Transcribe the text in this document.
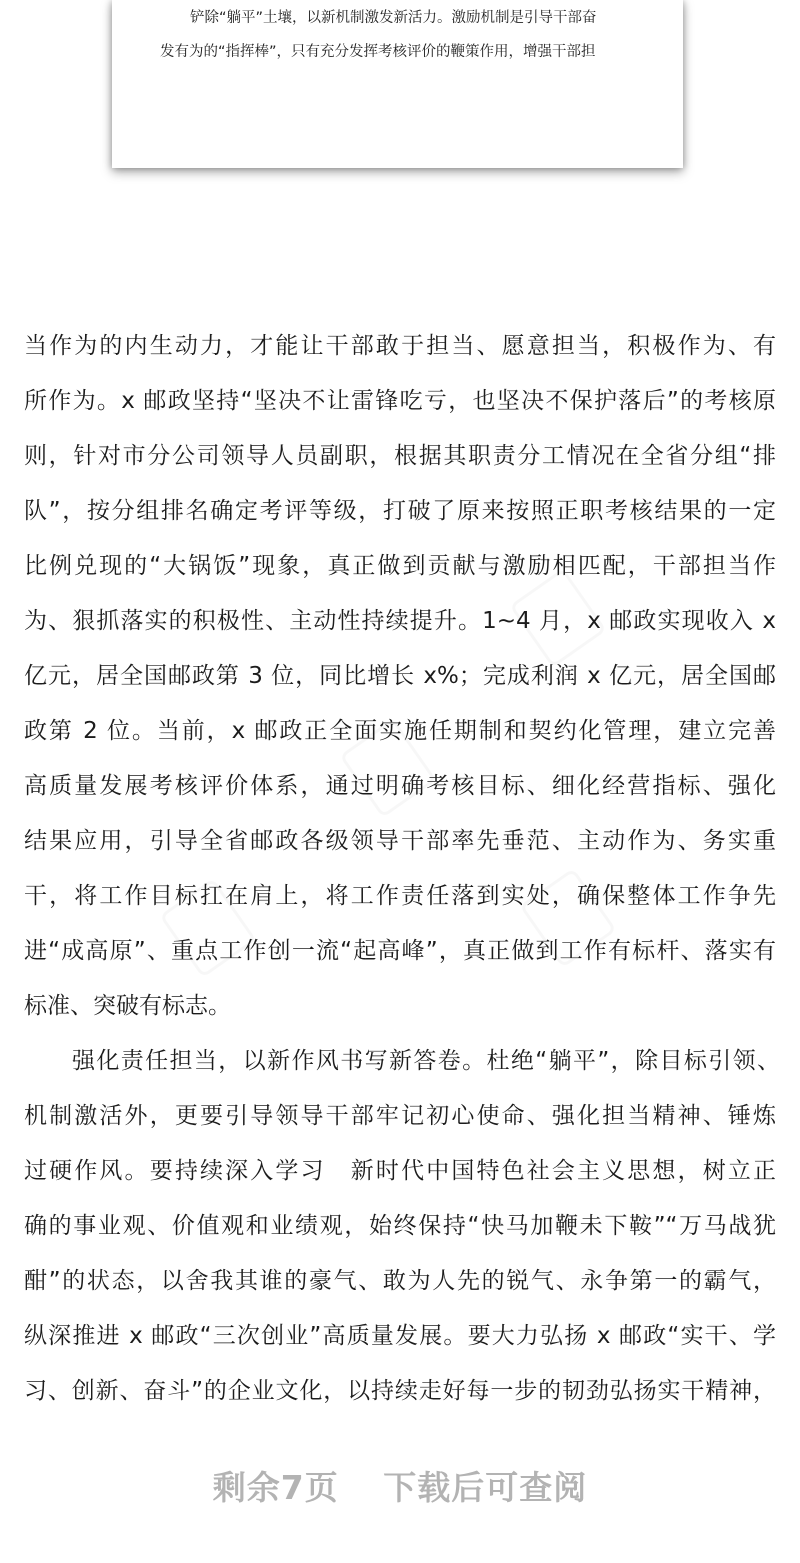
铲除“躺平”土壤，以新机制激发新活力。激励机制是引导干部奋

发有为的“指挥棒”，只有充分发挥考核评价的鞭策作用，增强干部担

当作为的内生动力，才能让干部敢于担当、愿意担当，积极作为、有

所作为。x 邮政坚持“坚决不让雷锋吃亏，也坚决不保护落后”的考核原

则，针对市分公司领导人员副职，根据其职责分工情况在全省分组“排

队”，按分组排名确定考评等级，打破了原来按照正职考核结果的一定

比例兑现的“大锅饭”现象，真正做到贡献与激励相匹配，干部担当作

为、狠抓落实的积极性、主动性持续提升。1~4 月，x 邮政实现收入 x

亿元，居全国邮政第 3 位，同比增长 x%；完成利润 x 亿元，居全国邮

政第 2 位。当前，x 邮政正全面实施任期制和契约化管理，建立完善

高质量发展考核评价体系，通过明确考核目标、细化经营指标、强化

结果应用，引导全省邮政各级领导干部率先垂范、主动作为、务实重

干，将工作目标扛在肩上，将工作责任落到实处，确保整体工作争先

进“成高原”、重点工作创一流“起高峰”，真正做到工作有标杆、落实有

标准、突破有标志。

强化责任担当，以新作风书写新答卷。杜绝“躺平”，除目标引领、

机制激活外，更要引导领导干部牢记初心使命、强化担当精神、锤炼

过硬作风。要持续深入学习　新时代中国特色社会主义思想，树立正

确的事业观、价值观和业绩观，始终保持“快马加鞭未下鞍”“万马战犹

酣”的状态，以舍我其谁的豪气、敢为人先的锐气、永争第一的霸气，

纵深推进 x 邮政“三次创业”高质量发展。要大力弘扬 x 邮政“实干、学

习、创新、奋斗”的企业文化，以持续走好每一步的韧劲弘扬实干精神，

剩余7页 下载后可查阅
